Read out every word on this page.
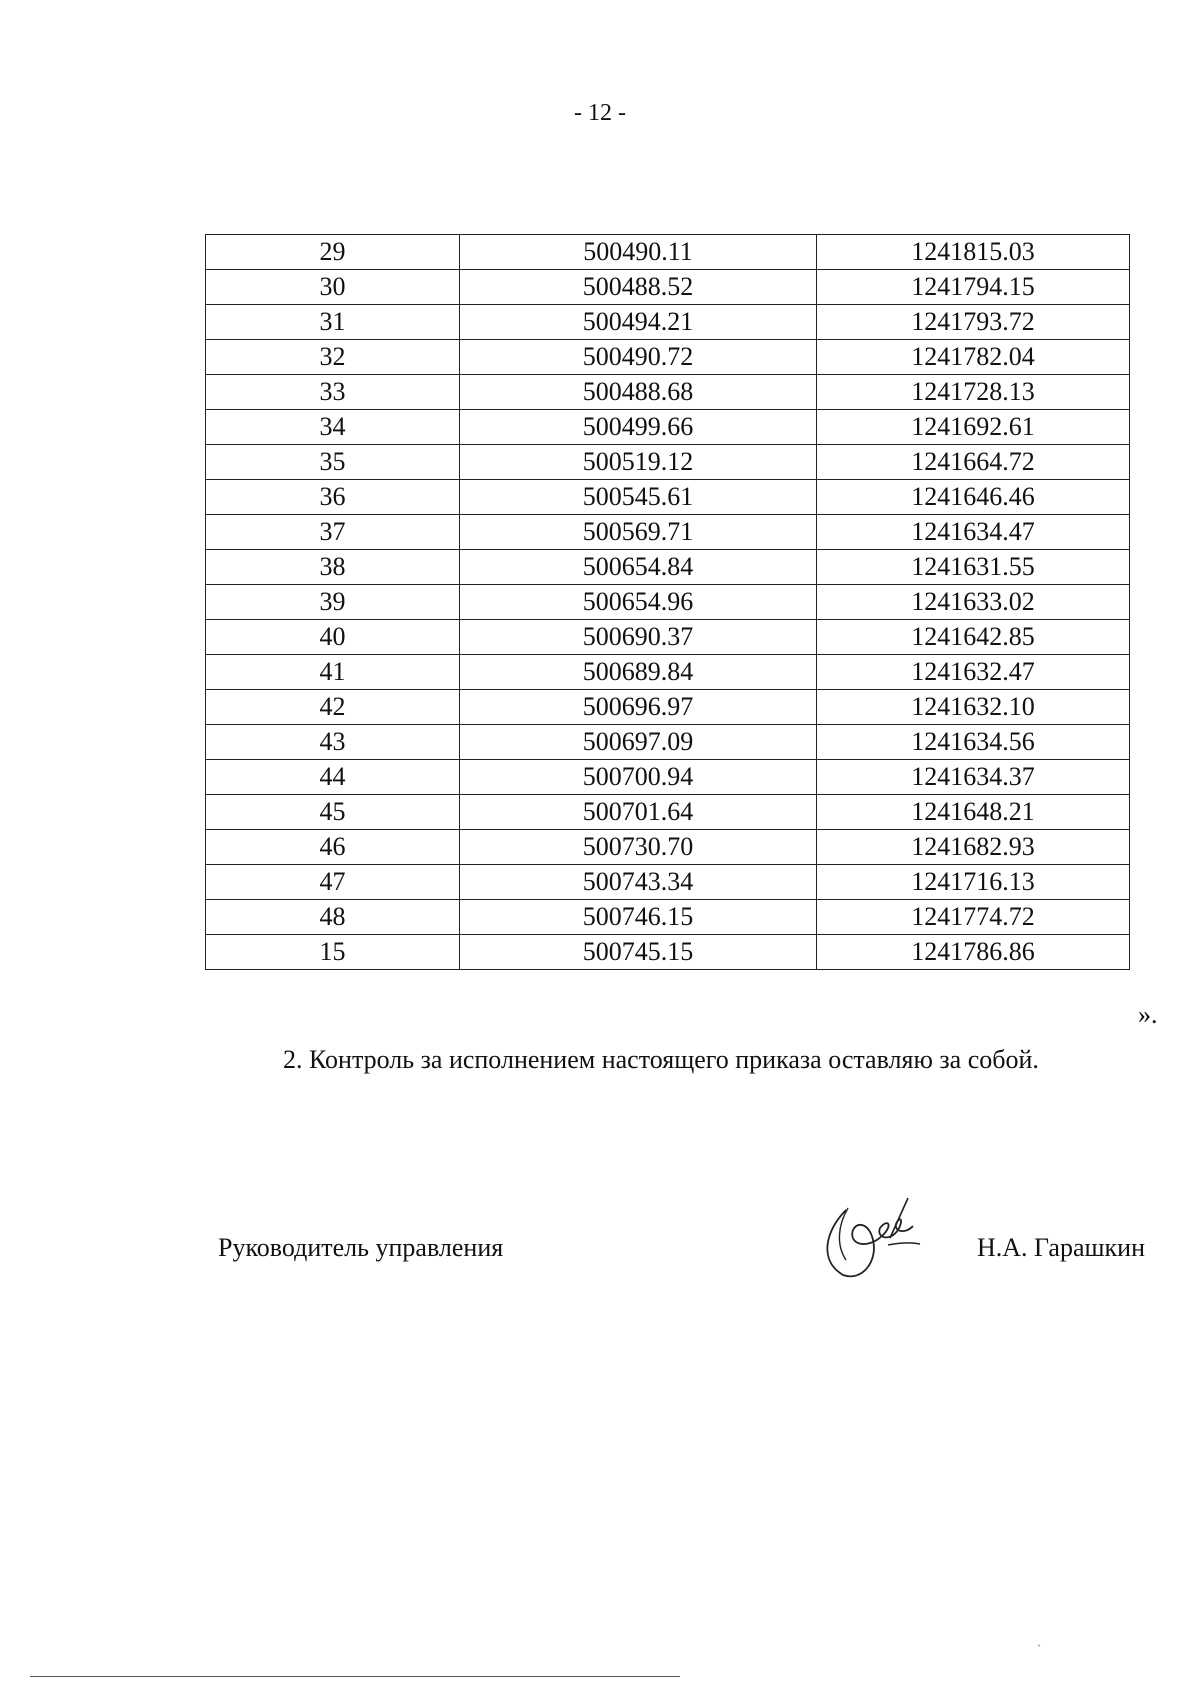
- 12 -
29	500490.11	1241815.03
30	500488.52	1241794.15
31	500494.21	1241793.72
32	500490.72	1241782.04
33	500488.68	1241728.13
34	500499.66	1241692.61
35	500519.12	1241664.72
36	500545.61	1241646.46
37	500569.71	1241634.47
38	500654.84	1241631.55
39	500654.96	1241633.02
40	500690.37	1241642.85
41	500689.84	1241632.47
42	500696.97	1241632.10
43	500697.09	1241634.56
44	500700.94	1241634.37
45	500701.64	1241648.21
46	500730.70	1241682.93
47	500743.34	1241716.13
48	500746.15	1241774.72
15	500745.15	1241786.86
».
2. Контроль за исполнением настоящего приказа оставляю за собой.
Руководитель управления	Н.А. Гарашкин
ˏ
